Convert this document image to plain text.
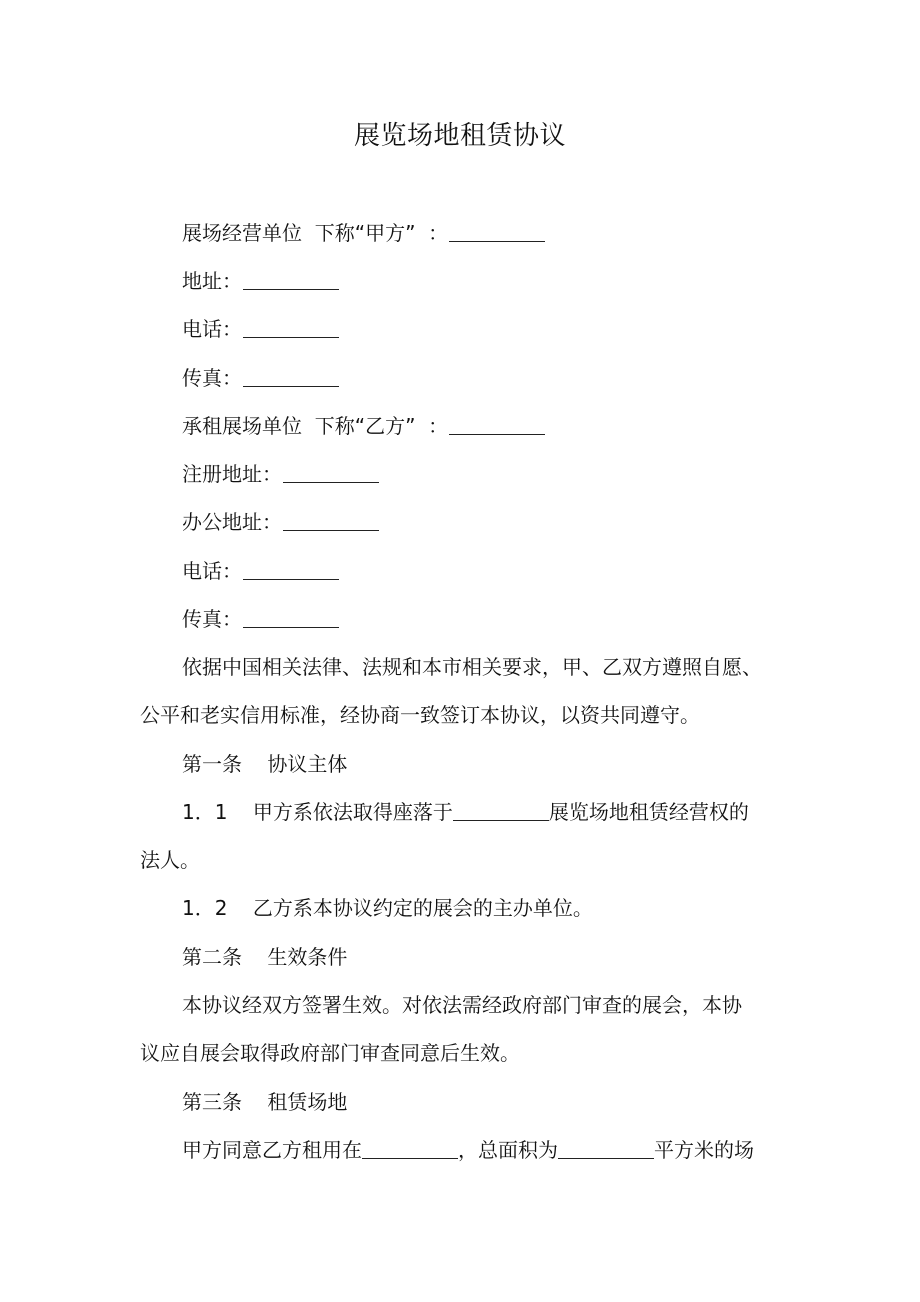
展览场地租赁协议
展场经营单位  下称“甲方”  ：
地址：
电话：
传真：
承租展场单位  下称“乙方”  ：
注册地址：
办公地址：
电话：
传真：
依据中国相关法律、法规和本市相关要求，甲、乙双方遵照自愿、
公平和老实信用标准，经协商一致签订本协议，以资共同遵守。
第一条    协议主体
1．1    甲方系依法取得座落于	展览场地租赁经营权的
法人。
1．2    乙方系本协议约定的展会的主办单位。
第二条    生效条件
本协议经双方签署生效。对依法需经政府部门审查的展会，本协
议应自展会取得政府部门审查同意后生效。
第三条    租赁场地
甲方同意乙方租用在	，总面积为	平方米的场
